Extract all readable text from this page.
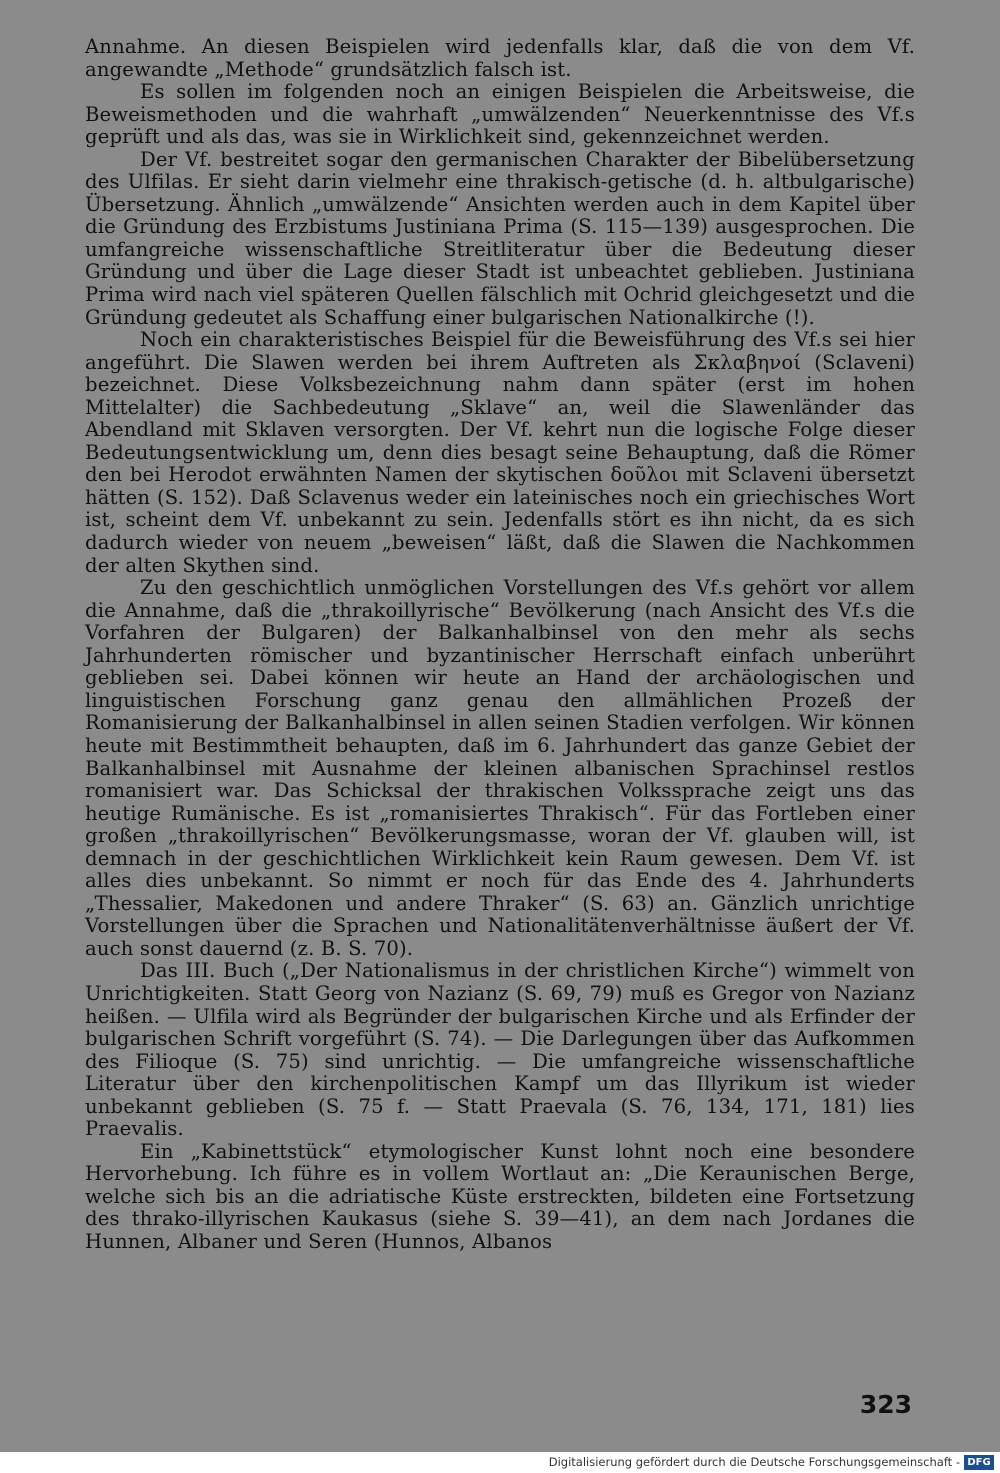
Annahme. An diesen Beispielen wird jedenfalls klar, daß die von dem Vf. angewandte „Methode“ grundsätzlich falsch ist.

Es sollen im folgenden noch an einigen Beispielen die Arbeitsweise, die Beweismethoden und die wahrhaft „umwälzenden“ Neuerkenntnisse des Vf.s geprüft und als das, was sie in Wirklichkeit sind, gekennzeichnet werden.

Der Vf. bestreitet sogar den germanischen Charakter der Bibelübersetzung des Ulfilas. Er sieht darin vielmehr eine thrakisch-getische (d. h. altbulgarische) Übersetzung. Ähnlich „umwälzende“ Ansichten werden auch in dem Kapitel über die Gründung des Erzbistums Justiniana Prima (S. 115—139) ausgesprochen. Die umfangreiche wissenschaftliche Streitliteratur über die Bedeutung dieser Gründung und über die Lage dieser Stadt ist unbeachtet geblieben. Justiniana Prima wird nach viel späteren Quellen fälschlich mit Ochrid gleichgesetzt und die Gründung gedeutet als Schaffung einer bulgarischen Nationalkirche (!).

Noch ein charakteristisches Beispiel für die Beweisführung des Vf.s sei hier angeführt. Die Slawen werden bei ihrem Auftreten als Σκλαβηνοί (Sclaveni) bezeichnet. Diese Volksbezeichnung nahm dann später (erst im hohen Mittelalter) die Sachbedeutung „Sklave“ an, weil die Slawenländer das Abendland mit Sklaven versorgten. Der Vf. kehrt nun die logische Folge dieser Bedeutungsentwicklung um, denn dies besagt seine Behauptung, daß die Römer den bei Herodot erwähnten Namen der skytischen δοῦλοι mit Sclaveni übersetzt hätten (S. 152). Daß Sclavenus weder ein lateinisches noch ein griechisches Wort ist, scheint dem Vf. unbekannt zu sein. Jedenfalls stört es ihn nicht, da es sich dadurch wieder von neuem „beweisen“ läßt, daß die Slawen die Nachkommen der alten Skythen sind.

Zu den geschichtlich unmöglichen Vorstellungen des Vf.s gehört vor allem die Annahme, daß die „thrakoillyrische“ Bevölkerung (nach Ansicht des Vf.s die Vorfahren der Bulgaren) der Balkanhalbinsel von den mehr als sechs Jahrhunderten römischer und byzantinischer Herrschaft einfach unberührt geblieben sei. Dabei können wir heute an Hand der archäologischen und linguistischen Forschung ganz genau den allmählichen Prozeß der Romanisierung der Balkanhalbinsel in allen seinen Stadien verfolgen. Wir können heute mit Bestimmtheit behaupten, daß im 6. Jahrhundert das ganze Gebiet der Balkanhalbinsel mit Ausnahme der kleinen albanischen Sprachinsel restlos romanisiert war. Das Schicksal der thrakischen Volkssprache zeigt uns das heutige Rumänische. Es ist „romanisiertes Thrakisch“. Für das Fortleben einer großen „thrakoillyrischen“ Bevölkerungsmasse, woran der Vf. glauben will, ist demnach in der geschichtlichen Wirklichkeit kein Raum gewesen. Dem Vf. ist alles dies unbekannt. So nimmt er noch für das Ende des 4. Jahrhunderts „Thessalier, Makedonen und andere Thraker“ (S. 63) an. Gänzlich unrichtige Vorstellungen über die Sprachen und Nationalitätenverhältnisse äußert der Vf. auch sonst dauernd (z. B. S. 70).

Das III. Buch („Der Nationalismus in der christlichen Kirche“) wimmelt von Unrichtigkeiten. Statt Georg von Nazianz (S. 69, 79) muß es Gregor von Nazianz heißen. — Ulfila wird als Begründer der bulgarischen Kirche und als Erfinder der bulgarischen Schrift vorgeführt (S. 74). — Die Darlegungen über das Aufkommen des Filioque (S. 75) sind unrichtig. — Die umfangreiche wissenschaftliche Literatur über den kirchenpolitischen Kampf um das Illyrikum ist wieder unbekannt geblieben (S. 75 f. — Statt Praevala (S. 76, 134, 171, 181) lies Praevalis.

Ein „Kabinettstück“ etymologischer Kunst lohnt noch eine besondere Hervorhebung. Ich führe es in vollem Wortlaut an: „Die Keraunischen Berge, welche sich bis an die adriatische Küste erstreckten, bildeten eine Fortsetzung des thrako-illyrischen Kaukasus (siehe S. 39—41), an dem nach Jordanes die Hunnen, Albaner und Seren (Hunnos, Albanos

323
Digitalisierung gefördert durch die Deutsche Forschungsgemeinschaft - DFG
